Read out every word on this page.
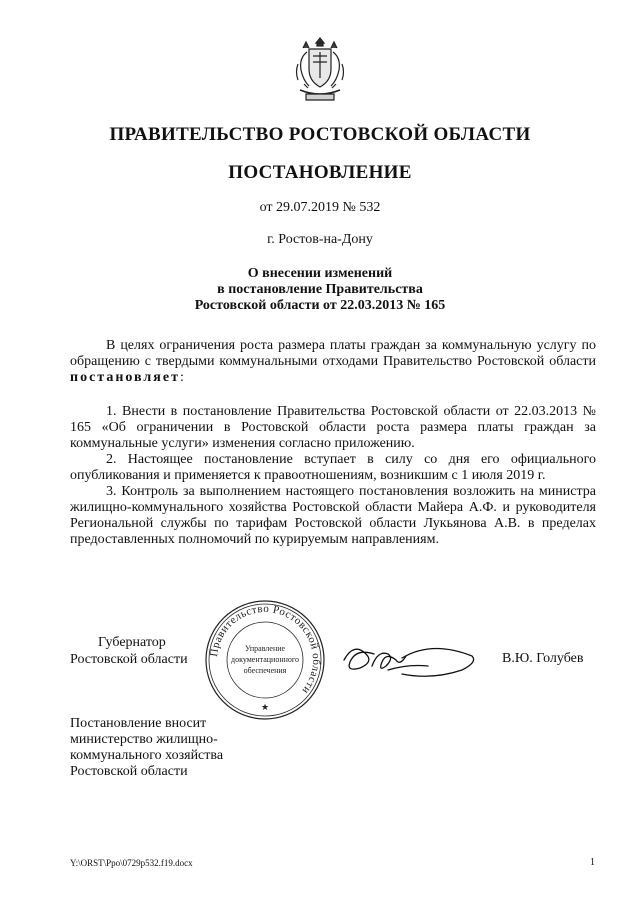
ПРАВИТЕЛЬСТВО РОСТОВСКОЙ ОБЛАСТИ
ПОСТАНОВЛЕНИЕ
от 29.07.2019 № 532
г. Ростов-на-Дону
О внесении изменений
в постановление Правительства
Ростовской области от 22.03.2013 № 165

В целях ограничения роста размера платы граждан за коммунальную услугу по обращению с твердыми коммунальными отходами Правительство Ростовской области постановляет:

1. Внести в постановление Правительства Ростовской области от 22.03.2013 № 165 «Об ограничении в Ростовской области роста размера платы граждан за коммунальные услуги» изменения согласно приложению.

2. Настоящее постановление вступает в силу со дня его официального опубликования и применяется к правоотношениям, возникшим с 1 июля 2019 г.

3. Контроль за выполнением настоящего постановления возложить на министра жилищно-коммунального хозяйства Ростовской области Майера А.Ф. и руководителя Региональной службы по тарифам Ростовской области Лукьянова А.В. в пределах предоставленных полномочий по курируемым направлениям.

Губернатор
Ростовской области Правительство Ростовской области
Управление
документационного
обеспечения
★
В.Ю. Голубев
Постановление вносит
министерство жилищно-
коммунального хозяйства
Ростовской области
Y:\ORST\Ppo\0729p532.f19.docx	1
